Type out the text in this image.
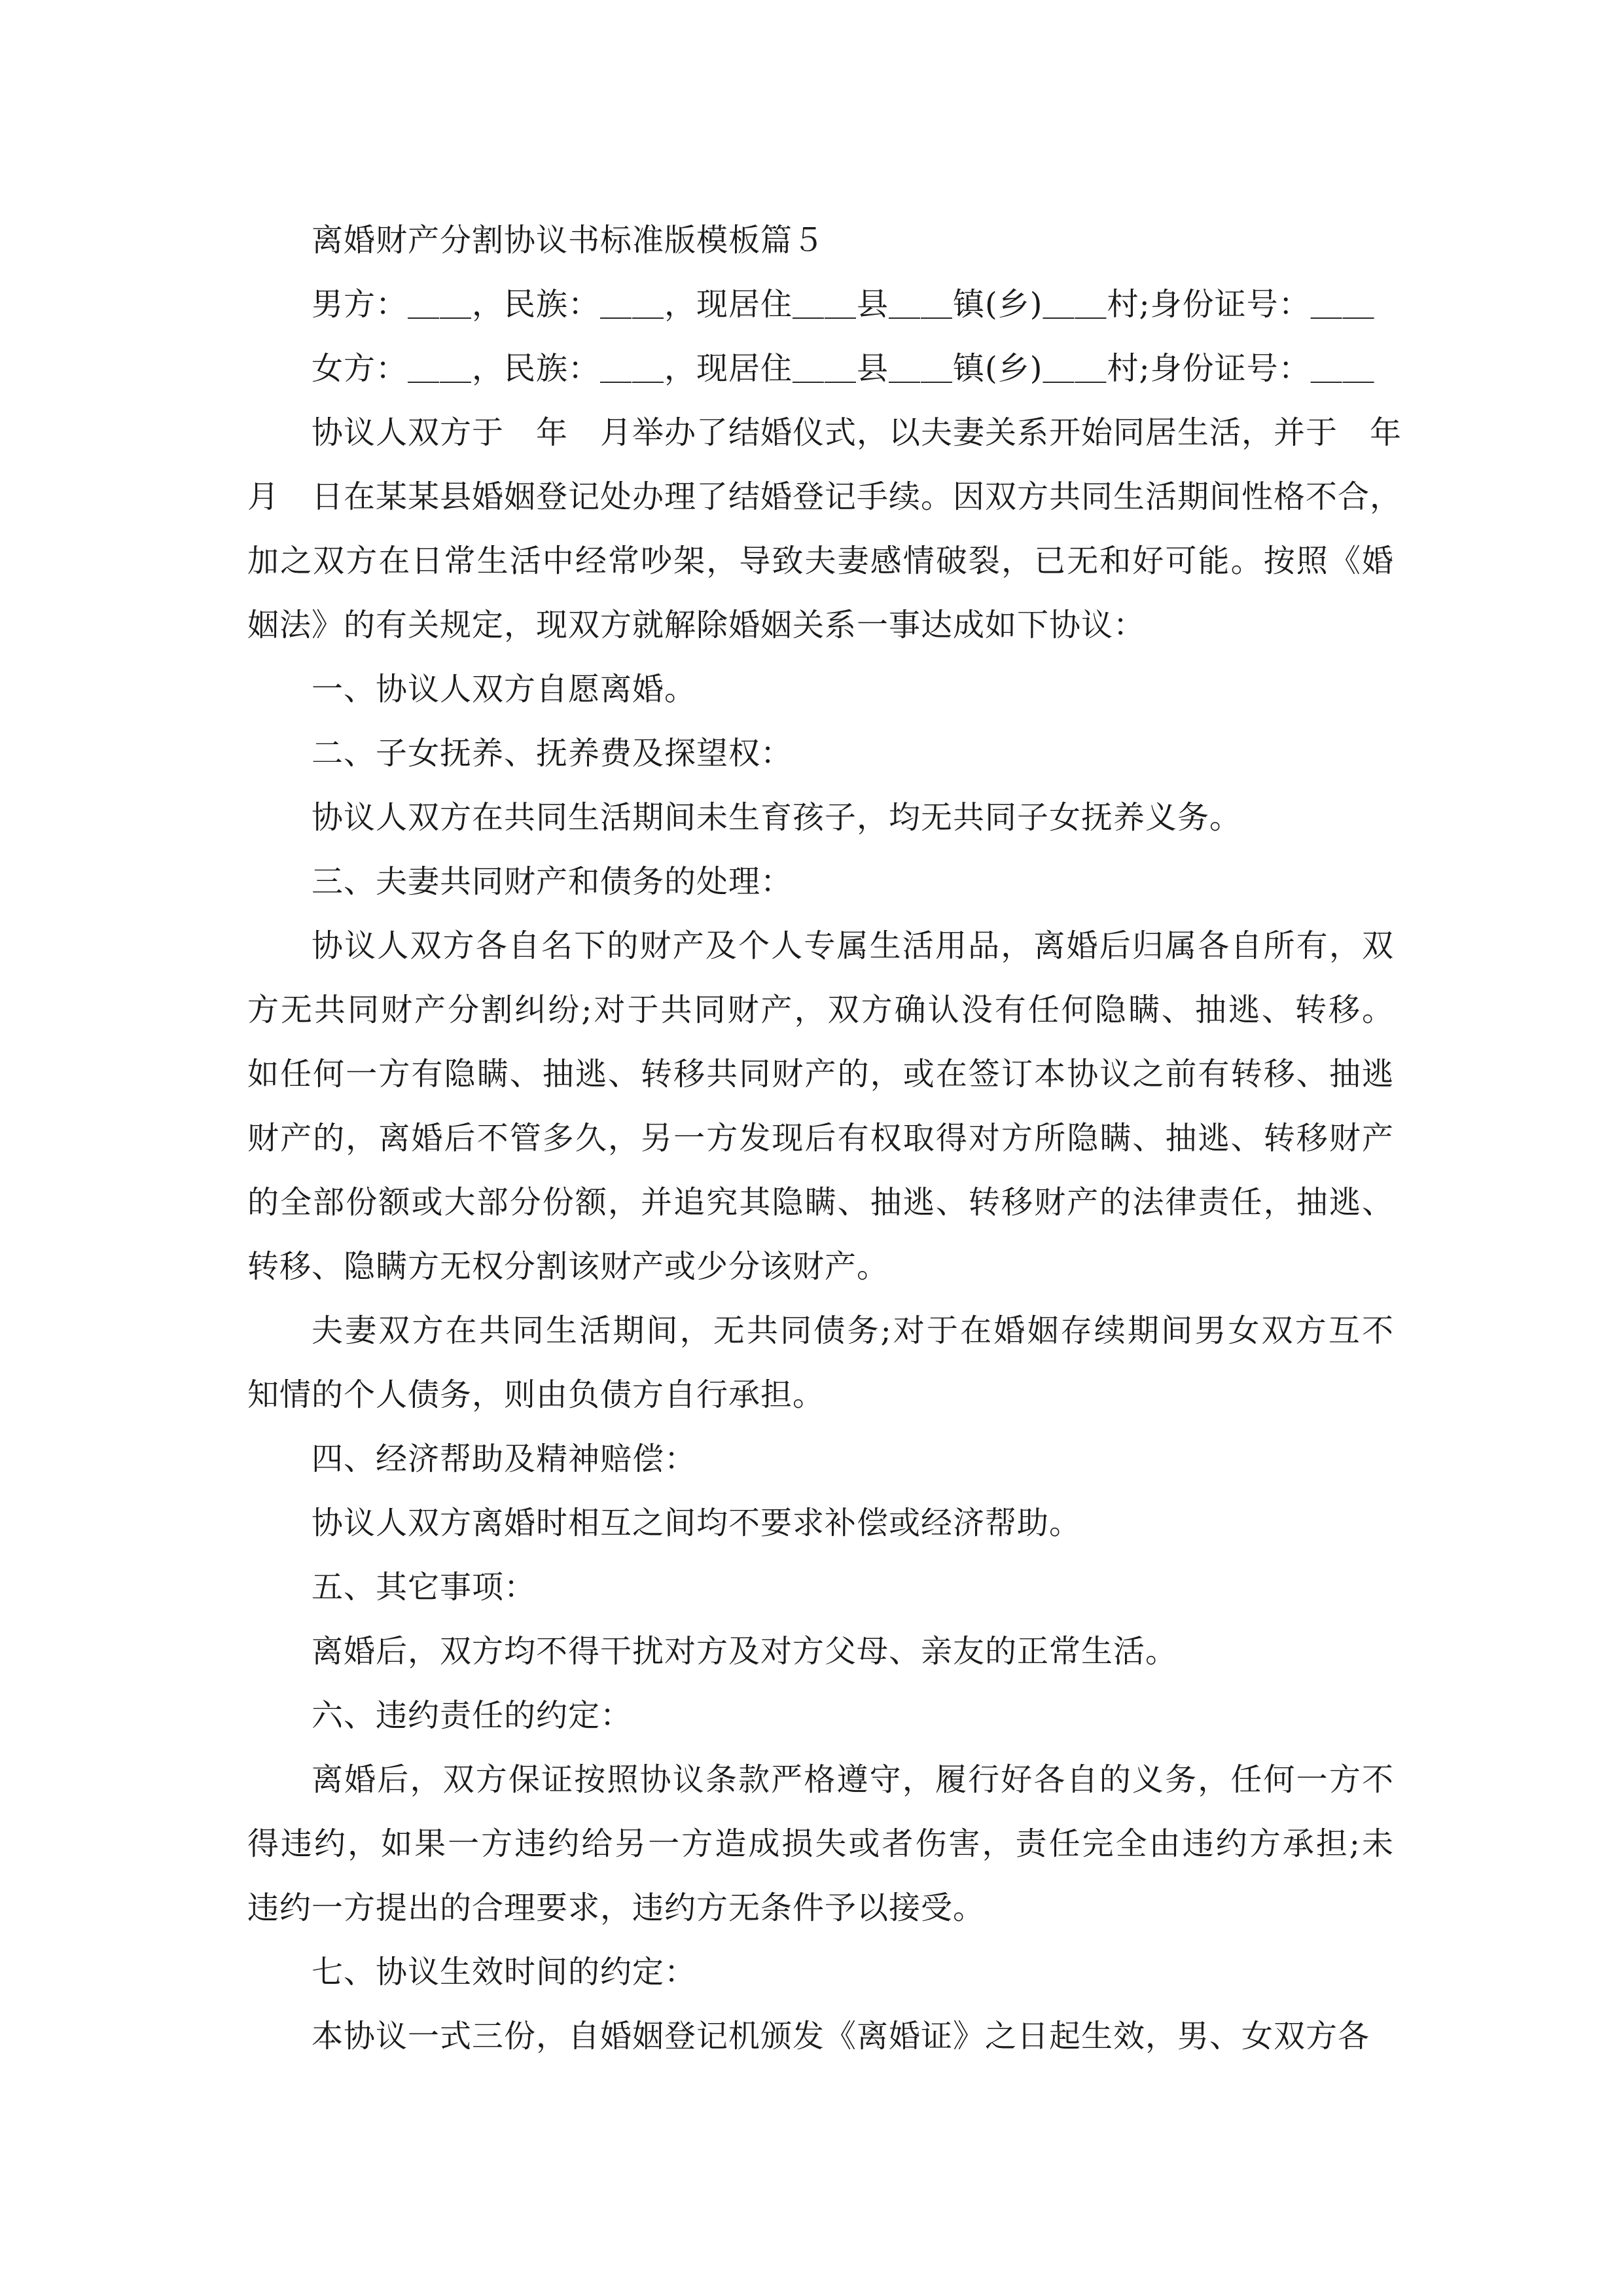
离婚财产分割协议书标准版模板篇５
男方：＿＿，民族：＿＿，现居住＿＿县＿＿镇(乡)＿＿村;身份证号：＿＿
女方：＿＿，民族：＿＿，现居住＿＿县＿＿镇(乡)＿＿村;身份证号：＿＿
协议人双方于　年　月举办了结婚仪式，以夫妻关系开始同居生活，并于　年
月　日在某某县婚姻登记处办理了结婚登记手续。因双方共同生活期间性格不合，
加之双方在日常生活中经常吵架，导致夫妻感情破裂，已无和好可能。按照《婚
姻法》的有关规定，现双方就解除婚姻关系一事达成如下协议：
一、协议人双方自愿离婚。
二、子女抚养、抚养费及探望权：
协议人双方在共同生活期间未生育孩子，均无共同子女抚养义务。
三、夫妻共同财产和债务的处理：
协议人双方各自名下的财产及个人专属生活用品，离婚后归属各自所有，双
方无共同财产分割纠纷;对于共同财产，双方确认没有任何隐瞒、抽逃、转移。
如任何一方有隐瞒、抽逃、转移共同财产的，或在签订本协议之前有转移、抽逃
财产的，离婚后不管多久，另一方发现后有权取得对方所隐瞒、抽逃、转移财产
的全部份额或大部分份额，并追究其隐瞒、抽逃、转移财产的法律责任，抽逃、
转移、隐瞒方无权分割该财产或少分该财产。
夫妻双方在共同生活期间，无共同债务;对于在婚姻存续期间男女双方互不
知情的个人债务，则由负债方自行承担。
四、经济帮助及精神赔偿：
协议人双方离婚时相互之间均不要求补偿或经济帮助。
五、其它事项：
离婚后，双方均不得干扰对方及对方父母、亲友的正常生活。
六、违约责任的约定：
离婚后，双方保证按照协议条款严格遵守，履行好各自的义务，任何一方不
得违约，如果一方违约给另一方造成损失或者伤害，责任完全由违约方承担;未
违约一方提出的合理要求，违约方无条件予以接受。
七、协议生效时间的约定：
本协议一式三份，自婚姻登记机颁发《离婚证》之日起生效，男、女双方各
